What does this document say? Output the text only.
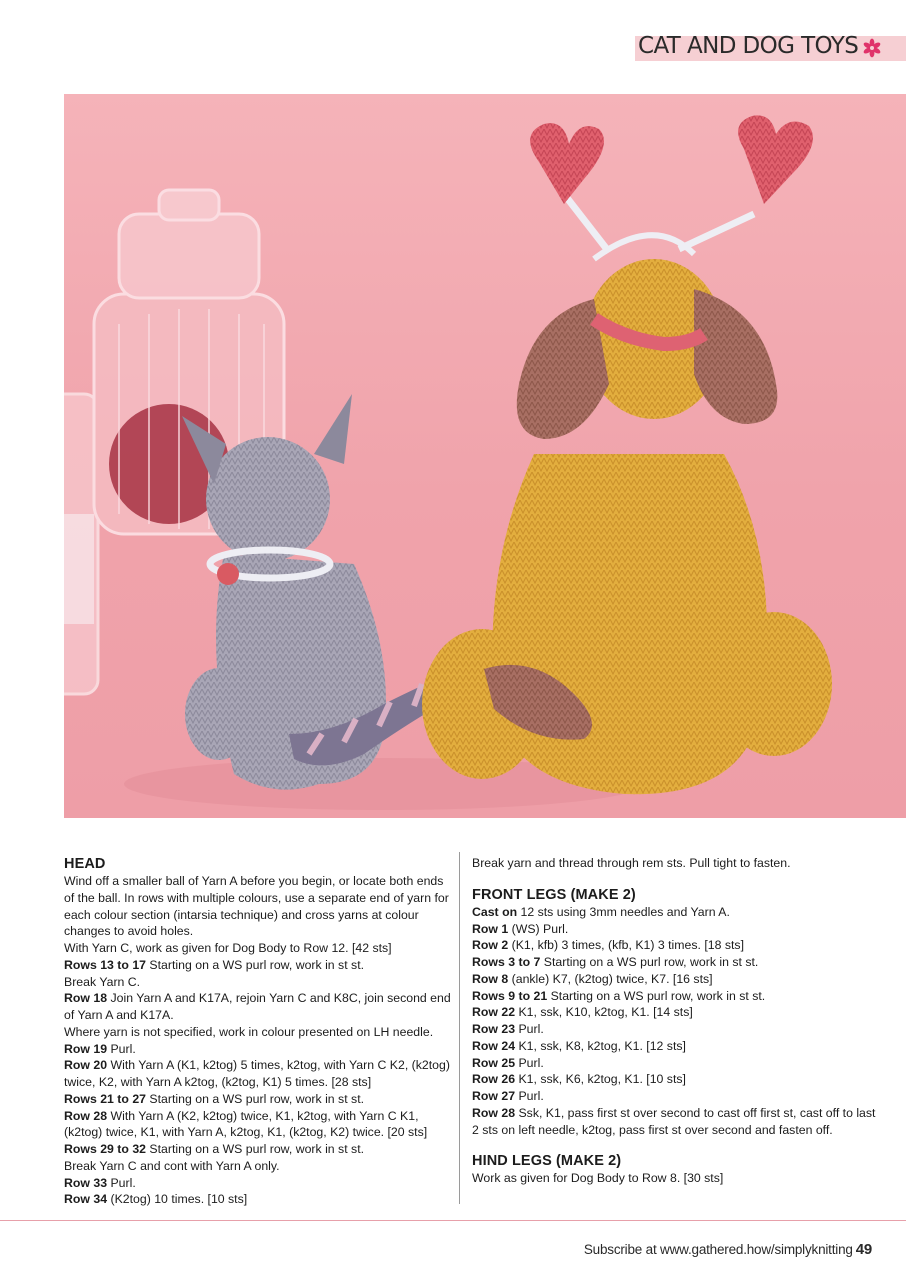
CAT AND DOG TOYS
HEAD

Wind off a smaller ball of Yarn A before you begin, or locate both ends of the ball. In rows with multiple colours, use a separate end of yarn for each colour section (intarsia technique) and cross yarns at colour changes to avoid holes.

With Yarn C, work as given for Dog Body to Row 12. [42 sts]

Rows 13 to 17 Starting on a WS purl row, work in st st.

Break Yarn C.

Row 18 Join Yarn A and K17A, rejoin Yarn C and K8C, join second end of Yarn A and K17A.

Where yarn is not specified, work in colour presented on LH needle.

Row 19 Purl.

Row 20 With Yarn A (K1, k2tog) 5 times, k2tog, with Yarn C K2, (k2tog) twice, K2, with Yarn A k2tog, (k2tog, K1) 5 times. [28 sts]

Rows 21 to 27 Starting on a WS purl row, work in st st.

Row 28 With Yarn A (K2, k2tog) twice, K1, k2tog, with Yarn C K1, (k2tog) twice, K1, with Yarn A, k2tog, K1, (k2tog, K2) twice. [20 sts]

Rows 29 to 32 Starting on a WS purl row, work in st st.

Break Yarn C and cont with Yarn A only.

Row 33 Purl.

Row 34 (K2tog) 10 times. [10 sts]

Break yarn and thread through rem sts. Pull tight to fasten.

FRONT LEGS (MAKE 2)

Cast on 12 sts using 3mm needles and Yarn A.

Row 1 (WS) Purl.

Row 2 (K1, kfb) 3 times, (kfb, K1) 3 times. [18 sts]

Rows 3 to 7 Starting on a WS purl row, work in st st.

Row 8 (ankle) K7, (k2tog) twice, K7. [16 sts]

Rows 9 to 21 Starting on a WS purl row, work in st st.

Row 22 K1, ssk, K10, k2tog, K1. [14 sts]

Row 23 Purl.

Row 24 K1, ssk, K8, k2tog, K1. [12 sts]

Row 25 Purl.

Row 26 K1, ssk, K6, k2tog, K1. [10 sts]

Row 27 Purl.

Row 28 Ssk, K1, pass first st over second to cast off first st, cast off to last 2 sts on left needle, k2tog, pass first st over second and fasten off.

HIND LEGS (MAKE 2)

Work as given for Dog Body to Row 8. [30 sts]

Subscribe at www.gathered.how/simplyknitting 49
